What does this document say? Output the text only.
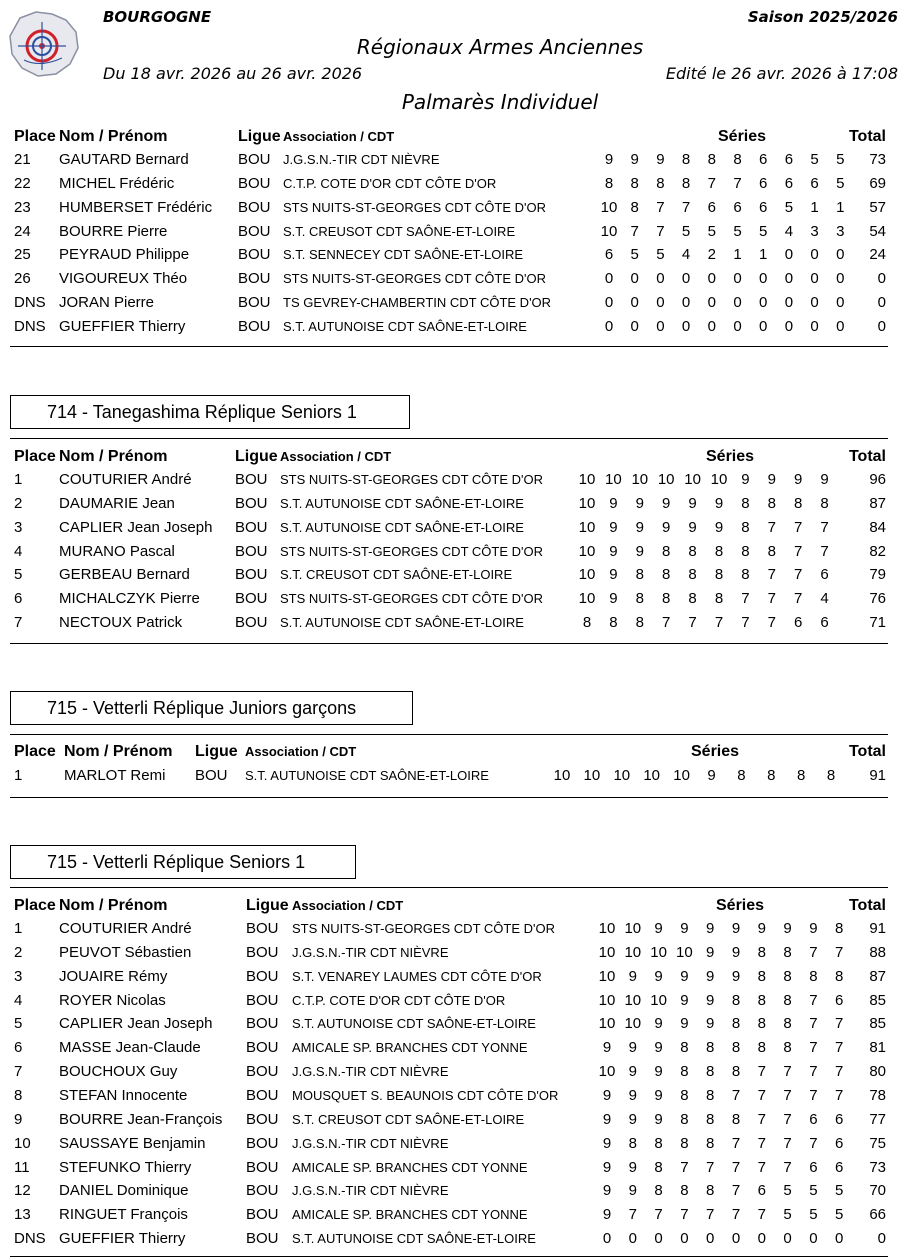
BOURGOGNE	Saison 2025/2026
Régionaux Armes Anciennes
Du 18 avr. 2026 au 26 avr. 2026	Edité le 26 avr. 2026 à 17:08
Palmarès Individuel
Place Nom / Prénom	Ligue Association / CDT	Séries	Total
21 GAUTARD Bernard	BOU J.G.S.N.-TIR CDT NIÈVRE	9	9	9	8	8	8	6	6	5	5	73
22 MICHEL Frédéric	BOU C.T.P. COTE D'OR CDT CÔTE D'OR	8	8	8	8	7	7	6	6	6	5	69
23 HUMBERSET Frédéric BOU STS NUITS-ST-GEORGES CDT CÔTE D'OR	10 8	7	7	6	6	6	5	1	1	57
24 BOURRE Pierre	BOU S.T. CREUSOT CDT SAÔNE-ET-LOIRE	10 7	7	5	5	5	5	4	3	3	54
25 PEYRAUD Philippe	BOU S.T. SENNECEY CDT SAÔNE-ET-LOIRE	6	5	5	4	2	1	1	0	0	0	24
26 VIGOUREUX Théo	BOU STS NUITS-ST-GEORGES CDT CÔTE D'OR	0	0	0	0	0	0	0	0	0	0	0
DNS JORAN Pierre	BOU TS GEVREY-CHAMBERTIN CDT CÔTE D'OR	0	0	0	0	0	0	0	0	0	0	0
DNS GUEFFIER Thierry	BOU S.T. AUTUNOISE CDT SAÔNE-ET-LOIRE	0	0	0	0	0	0	0	0	0	0	0
714 - Tanegashima Réplique Seniors 1
Place Nom / Prénom	Ligue Association / CDT	Séries	Total
1 COUTURIER André	BOU STS NUITS-ST-GEORGES CDT CÔTE D'OR 10 10 10 10 10 10 9	9	9	9	96
2 DAUMARIE Jean	BOU S.T. AUTUNOISE CDT SAÔNE-ET-LOIRE	10 9	9	9	9	9	8	8	8	8	87
3 CAPLIER Jean Joseph BOU S.T. AUTUNOISE CDT SAÔNE-ET-LOIRE	10 9	9	9	9	9	8	7	7	7	84
4 MURANO Pascal	BOU STS NUITS-ST-GEORGES CDT CÔTE D'OR 10 9	9	8	8	8	8	8	7	7	82
5 GERBEAU Bernard	BOU S.T. CREUSOT CDT SAÔNE-ET-LOIRE	10 9	8	8	8	8	8	7	7	6	79
6 MICHALCZYK Pierre BOU STS NUITS-ST-GEORGES CDT CÔTE D'OR 10 9	8	8	8	8	7	7	7	4	76
7 NECTOUX Patrick	BOU S.T. AUTUNOISE CDT SAÔNE-ET-LOIRE	8	8	8	7	7	7	7	7	6	6	71
715 - Vetterli Réplique Juniors garçons
Place Nom / Prénom Ligue Association / CDT	Séries	Total
1	MARLOT Remi BOU S.T. AUTUNOISE CDT SAÔNE-ET-LOIRE	10 10 10 10 10	9	8	8	8	8	91
715 - Vetterli Réplique Seniors 1
Place Nom / Prénom	Ligue Association / CDT	Séries	Total
1 COUTURIER André	BOU STS NUITS-ST-GEORGES CDT CÔTE D'OR	10 10 9	9	9	9	9	9	9	8	91
2 PEUVOT Sébastien	BOU J.G.S.N.-TIR CDT NIÈVRE	10 10 10 10 9	9	8	8	7	7	88
3 JOUAIRE Rémy	BOU S.T. VENAREY LAUMES CDT CÔTE D'OR	10 9	9	9	9	9	8	8	8	8	87
4 ROYER Nicolas	BOU C.T.P. COTE D'OR CDT CÔTE D'OR	10 10 10 9	9	8	8	8	7	6	85
5 CAPLIER Jean Joseph BOU S.T. AUTUNOISE CDT SAÔNE-ET-LOIRE	10 10 9	9	9	8	8	8	7	7	85
6 MASSE Jean-Claude	BOU AMICALE SP. BRANCHES CDT YONNE	9	9	9	8	8	8	8	8	7	7	81
7 BOUCHOUX Guy	BOU J.G.S.N.-TIR CDT NIÈVRE	10 9	9	8	8	8	7	7	7	7	80
8 STEFAN Innocente	BOU MOUSQUET S. BEAUNOIS CDT CÔTE D'OR	9	9	9	8	8	7	7	7	7	7	78
9 BOURRE Jean-François BOU S.T. CREUSOT CDT SAÔNE-ET-LOIRE	9	9	9	8	8	8	7	7	6	6	77
10 SAUSSAYE Benjamin	BOU J.G.S.N.-TIR CDT NIÈVRE	9	8	8	8	8	7	7	7	7	6	75
11 STEFUNKO Thierry	BOU AMICALE SP. BRANCHES CDT YONNE	9	9	8	7	7	7	7	7	6	6	73
12 DANIEL Dominique	BOU J.G.S.N.-TIR CDT NIÈVRE	9	9	8	8	8	7	6	5	5	5	70
13 RINGUET François	BOU AMICALE SP. BRANCHES CDT YONNE	9	7	7	7	7	7	7	5	5	5	66
DNS GUEFFIER Thierry	BOU S.T. AUTUNOISE CDT SAÔNE-ET-LOIRE	0	0	0	0	0	0	0	0	0	0	0
